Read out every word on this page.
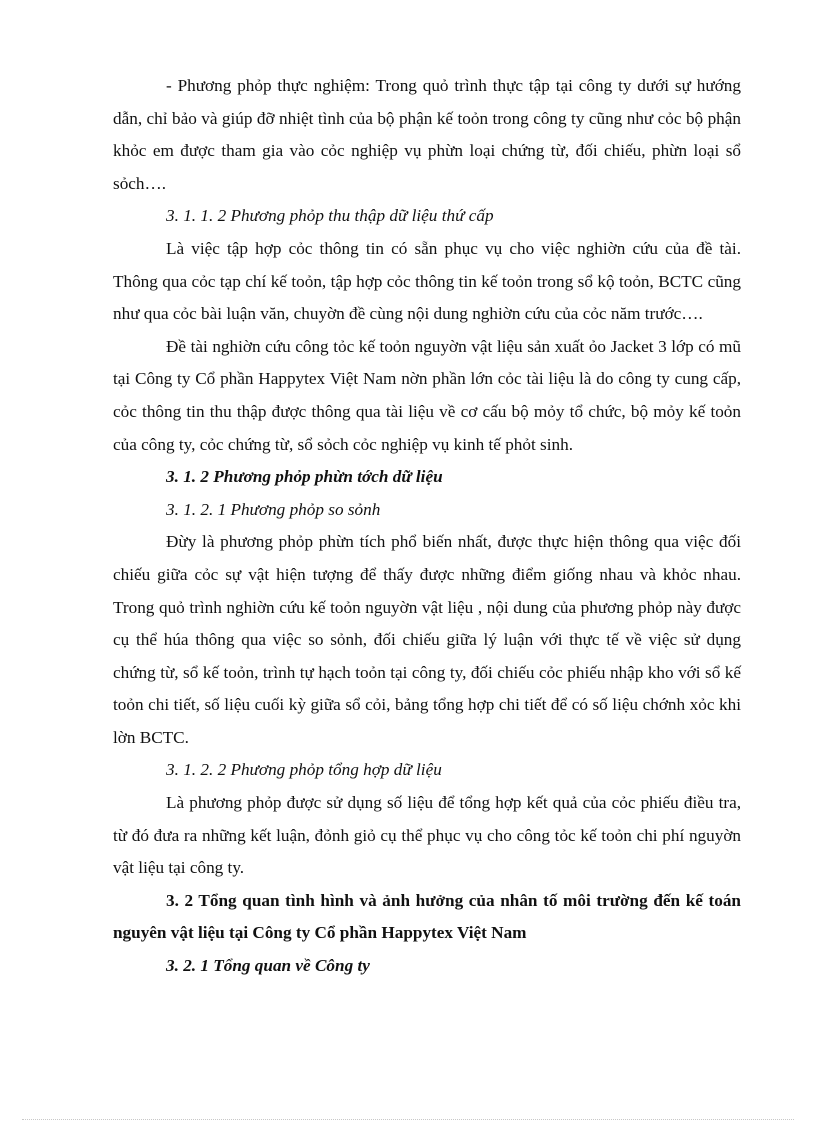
- Phương phỏp thực nghiệm: Trong quỏ trình thực tập tại công ty dưới sự hướng dẫn, chỉ bảo và giúp đỡ nhiệt tình của bộ phận kế toỏn trong công ty cũng như cỏc bộ phận khỏc em được tham gia vào cỏc nghiệp vụ phừn loại chứng từ, đối chiếu, phừn loại sổ sỏch….

3. 1. 1. 2 Phương phỏp thu thập dữ liệu thứ cấp

Là việc tập hợp cỏc thông tin có sẵn phục vụ cho việc nghiờn cứu của đề tài. Thông qua cỏc tạp chí kế toỏn, tập hợp cỏc thông tin kế toỏn trong sổ kộ toỏn, BCTC cũng như qua cỏc bài luận văn, chuyờn đề cùng nội dung nghiờn cứu của cỏc năm trước….

Đề tài nghiờn cứu công tỏc kế toỏn nguyờn vật liệu sản xuất ỏo Jacket 3 lớp có mũ tại Công ty Cổ phần Happytex Việt Nam nờn phần lớn cỏc tài liệu là do công ty cung cấp, cỏc thông tin thu thập được thông qua tài liệu về cơ cấu bộ mỏy tổ chức, bộ mỏy kế toỏn của công ty, cỏc chứng từ, sổ sỏch cỏc nghiệp vụ kinh tế phỏt sinh.

3. 1. 2 Phương phỏp phừn tớch dữ liệu

3. 1. 2. 1 Phương phỏp so sỏnh

Đừy là phương phỏp phừn tích phổ biến nhất, được thực hiện thông qua việc đối chiếu giữa cỏc sự vật hiện tượng để thấy được những điểm giống nhau và khỏc nhau. Trong quỏ trình nghiờn cứu kế toỏn nguyờn vật liệu , nội dung của phương phỏp này được cụ thể húa thông qua việc so sỏnh, đối chiếu giữa lý luận với thực tế về việc sử dụng chứng từ, sổ kế toỏn, trình tự hạch toỏn tại công ty, đối chiếu cỏc phiếu nhập kho với sổ kế toỏn chi tiết, số liệu cuối kỳ giữa sổ cỏi, bảng tổng hợp chi tiết để có số liệu chớnh xỏc khi lờn BCTC.

3. 1. 2. 2 Phương phỏp tổng hợp dữ liệu

Là phương phỏp được sử dụng số liệu để tổng hợp kết quả của cỏc phiếu điều tra, từ đó đưa ra những kết luận, đỏnh giỏ cụ thể phục vụ cho công tỏc kế toỏn chi phí nguyờn vật liệu tại công ty.

3. 2 Tổng quan tình hình và ảnh hưởng của nhân tố môi trường đến kế toán nguyên vật liệu tại Công ty Cổ phần Happytex Việt Nam

3. 2. 1 Tổng quan về Công ty
